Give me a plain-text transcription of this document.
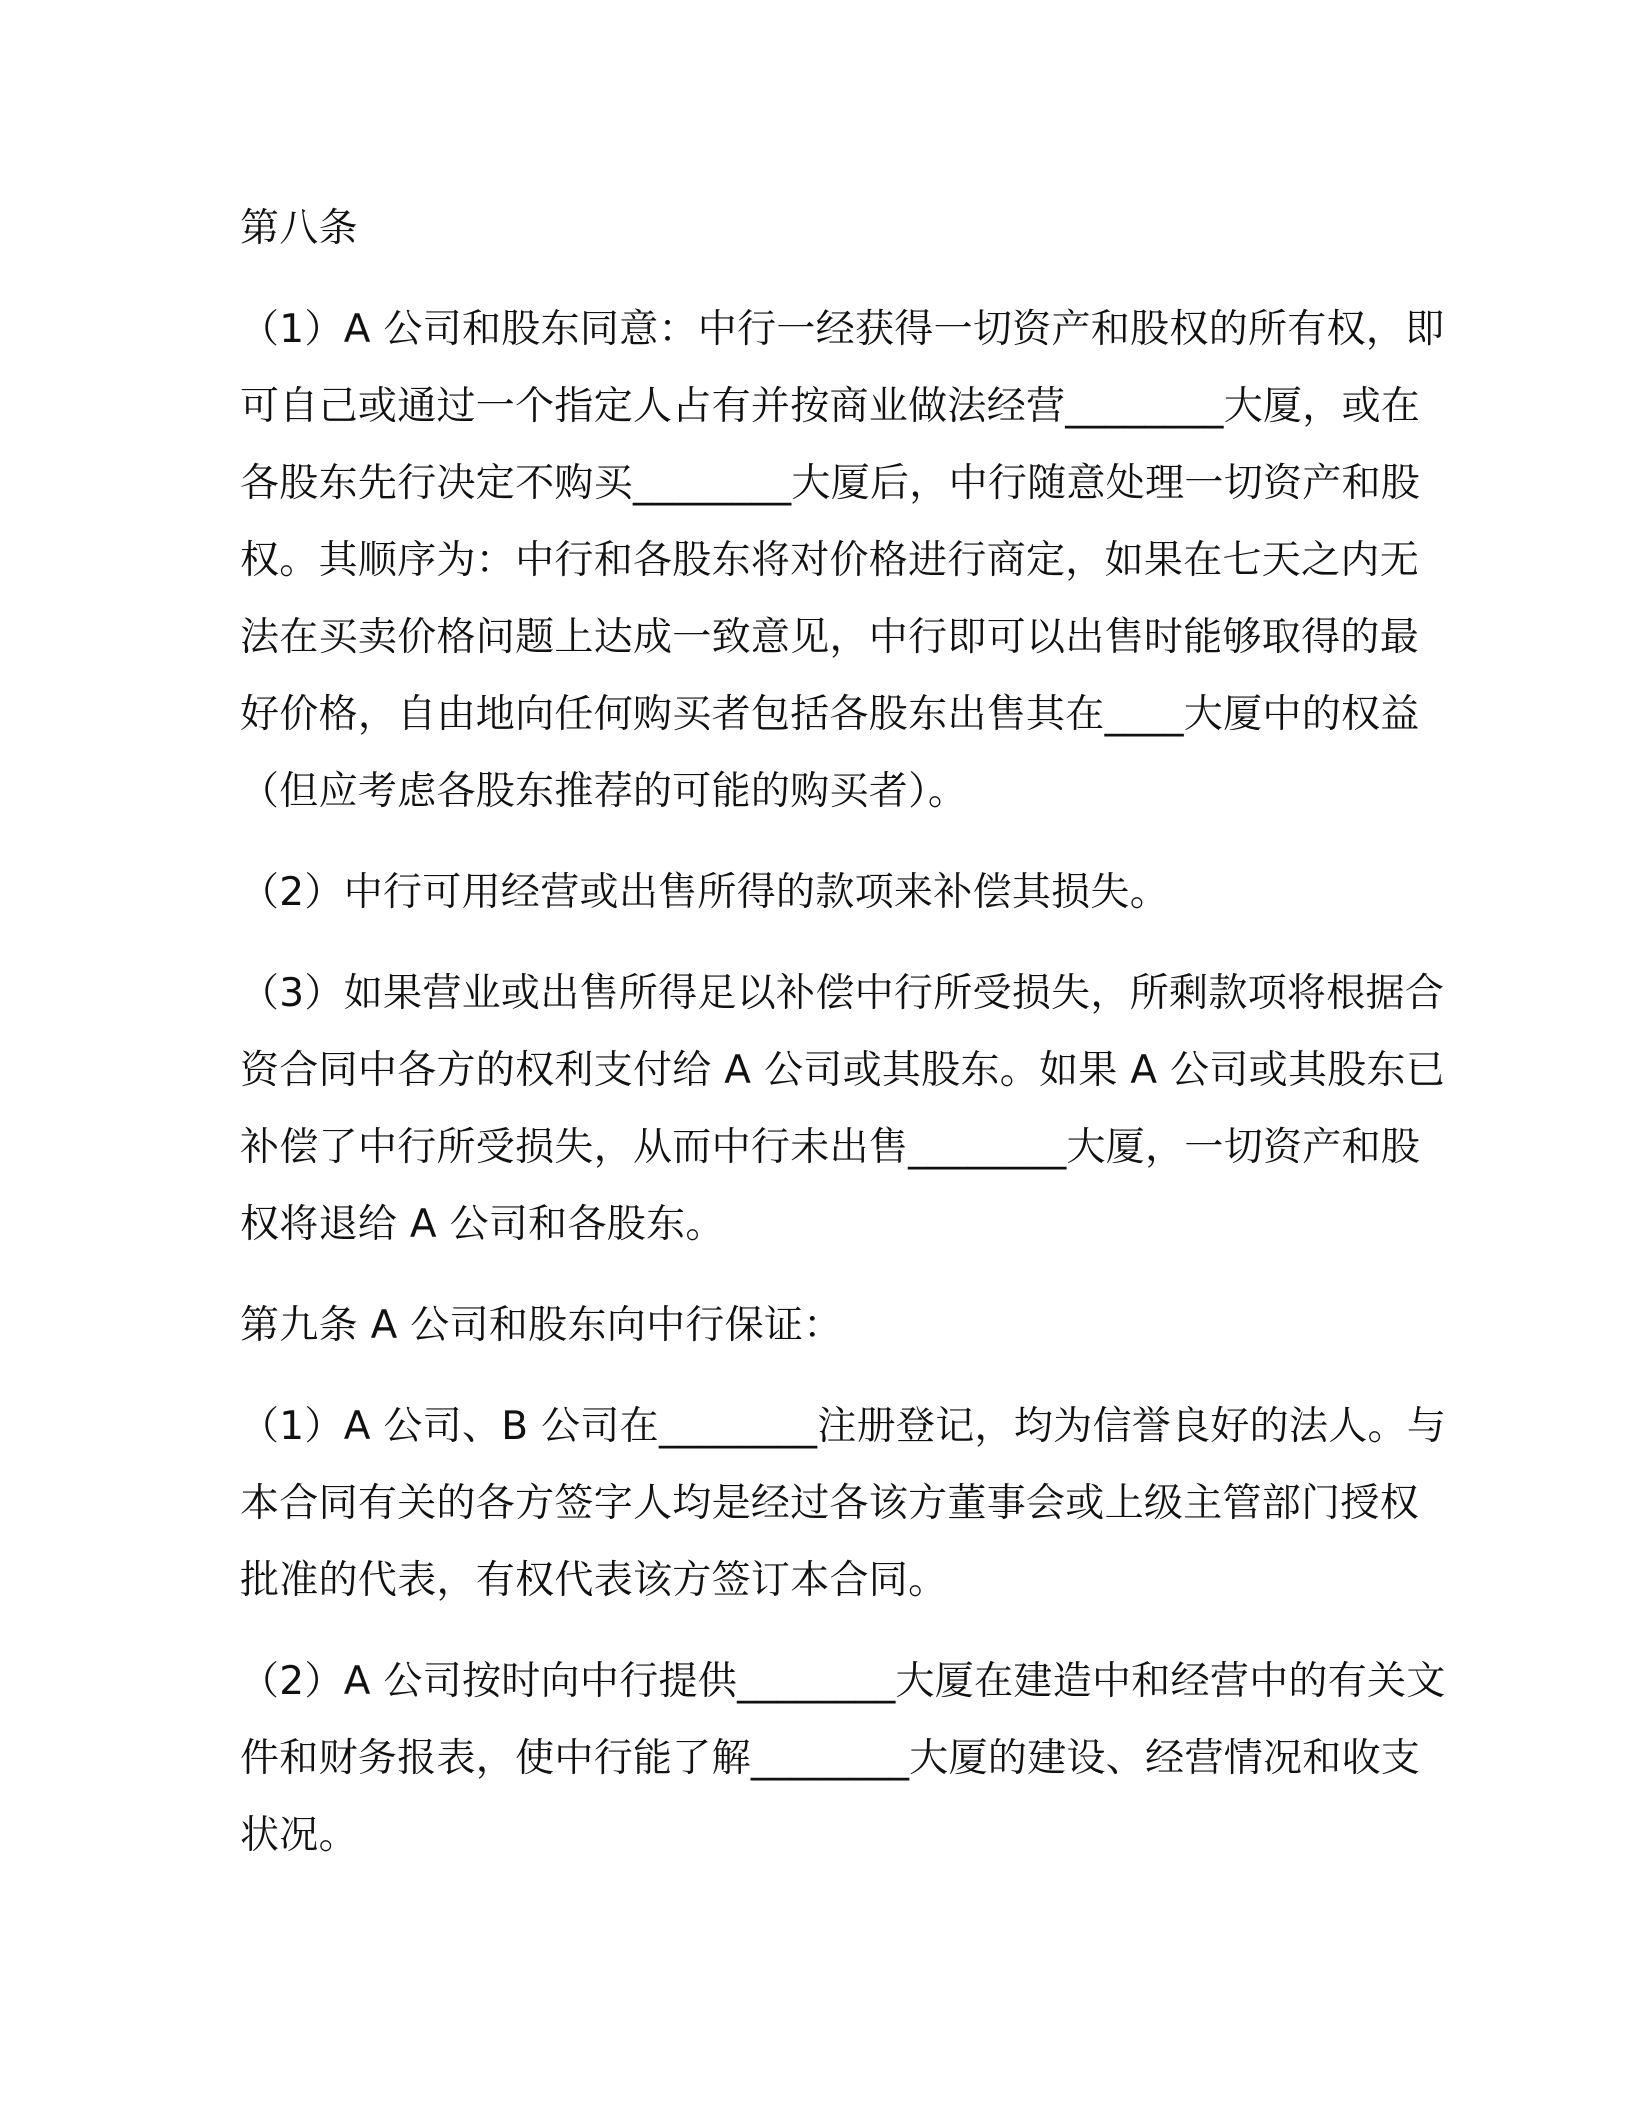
第八条

（1）A 公司和股东同意：中行一经获得一切资产和股权的所有权，即

可自己或通过一个指定人占有并按商业做法经营________大厦，或在

各股东先行决定不购买________大厦后，中行随意处理一切资产和股

权。其顺序为：中行和各股东将对价格进行商定，如果在七天之内无

法在买卖价格问题上达成一致意见，中行即可以出售时能够取得的最

好价格，自由地向任何购买者包括各股东出售其在____大厦中的权益

（但应考虑各股东推荐的可能的购买者）。

（2）中行可用经营或出售所得的款项来补偿其损失。

（3）如果营业或出售所得足以补偿中行所受损失，所剩款项将根据合

资合同中各方的权利支付给 A 公司或其股东。如果 A 公司或其股东已

补偿了中行所受损失，从而中行未出售________大厦，一切资产和股

权将退给 A 公司和各股东。

第九条 A 公司和股东向中行保证：

（1）A 公司、B 公司在________注册登记，均为信誉良好的法人。与

本合同有关的各方签字人均是经过各该方董事会或上级主管部门授权

批准的代表，有权代表该方签订本合同。

（2）A 公司按时向中行提供________大厦在建造中和经营中的有关文

件和财务报表，使中行能了解________大厦的建设、经营情况和收支

状况。
